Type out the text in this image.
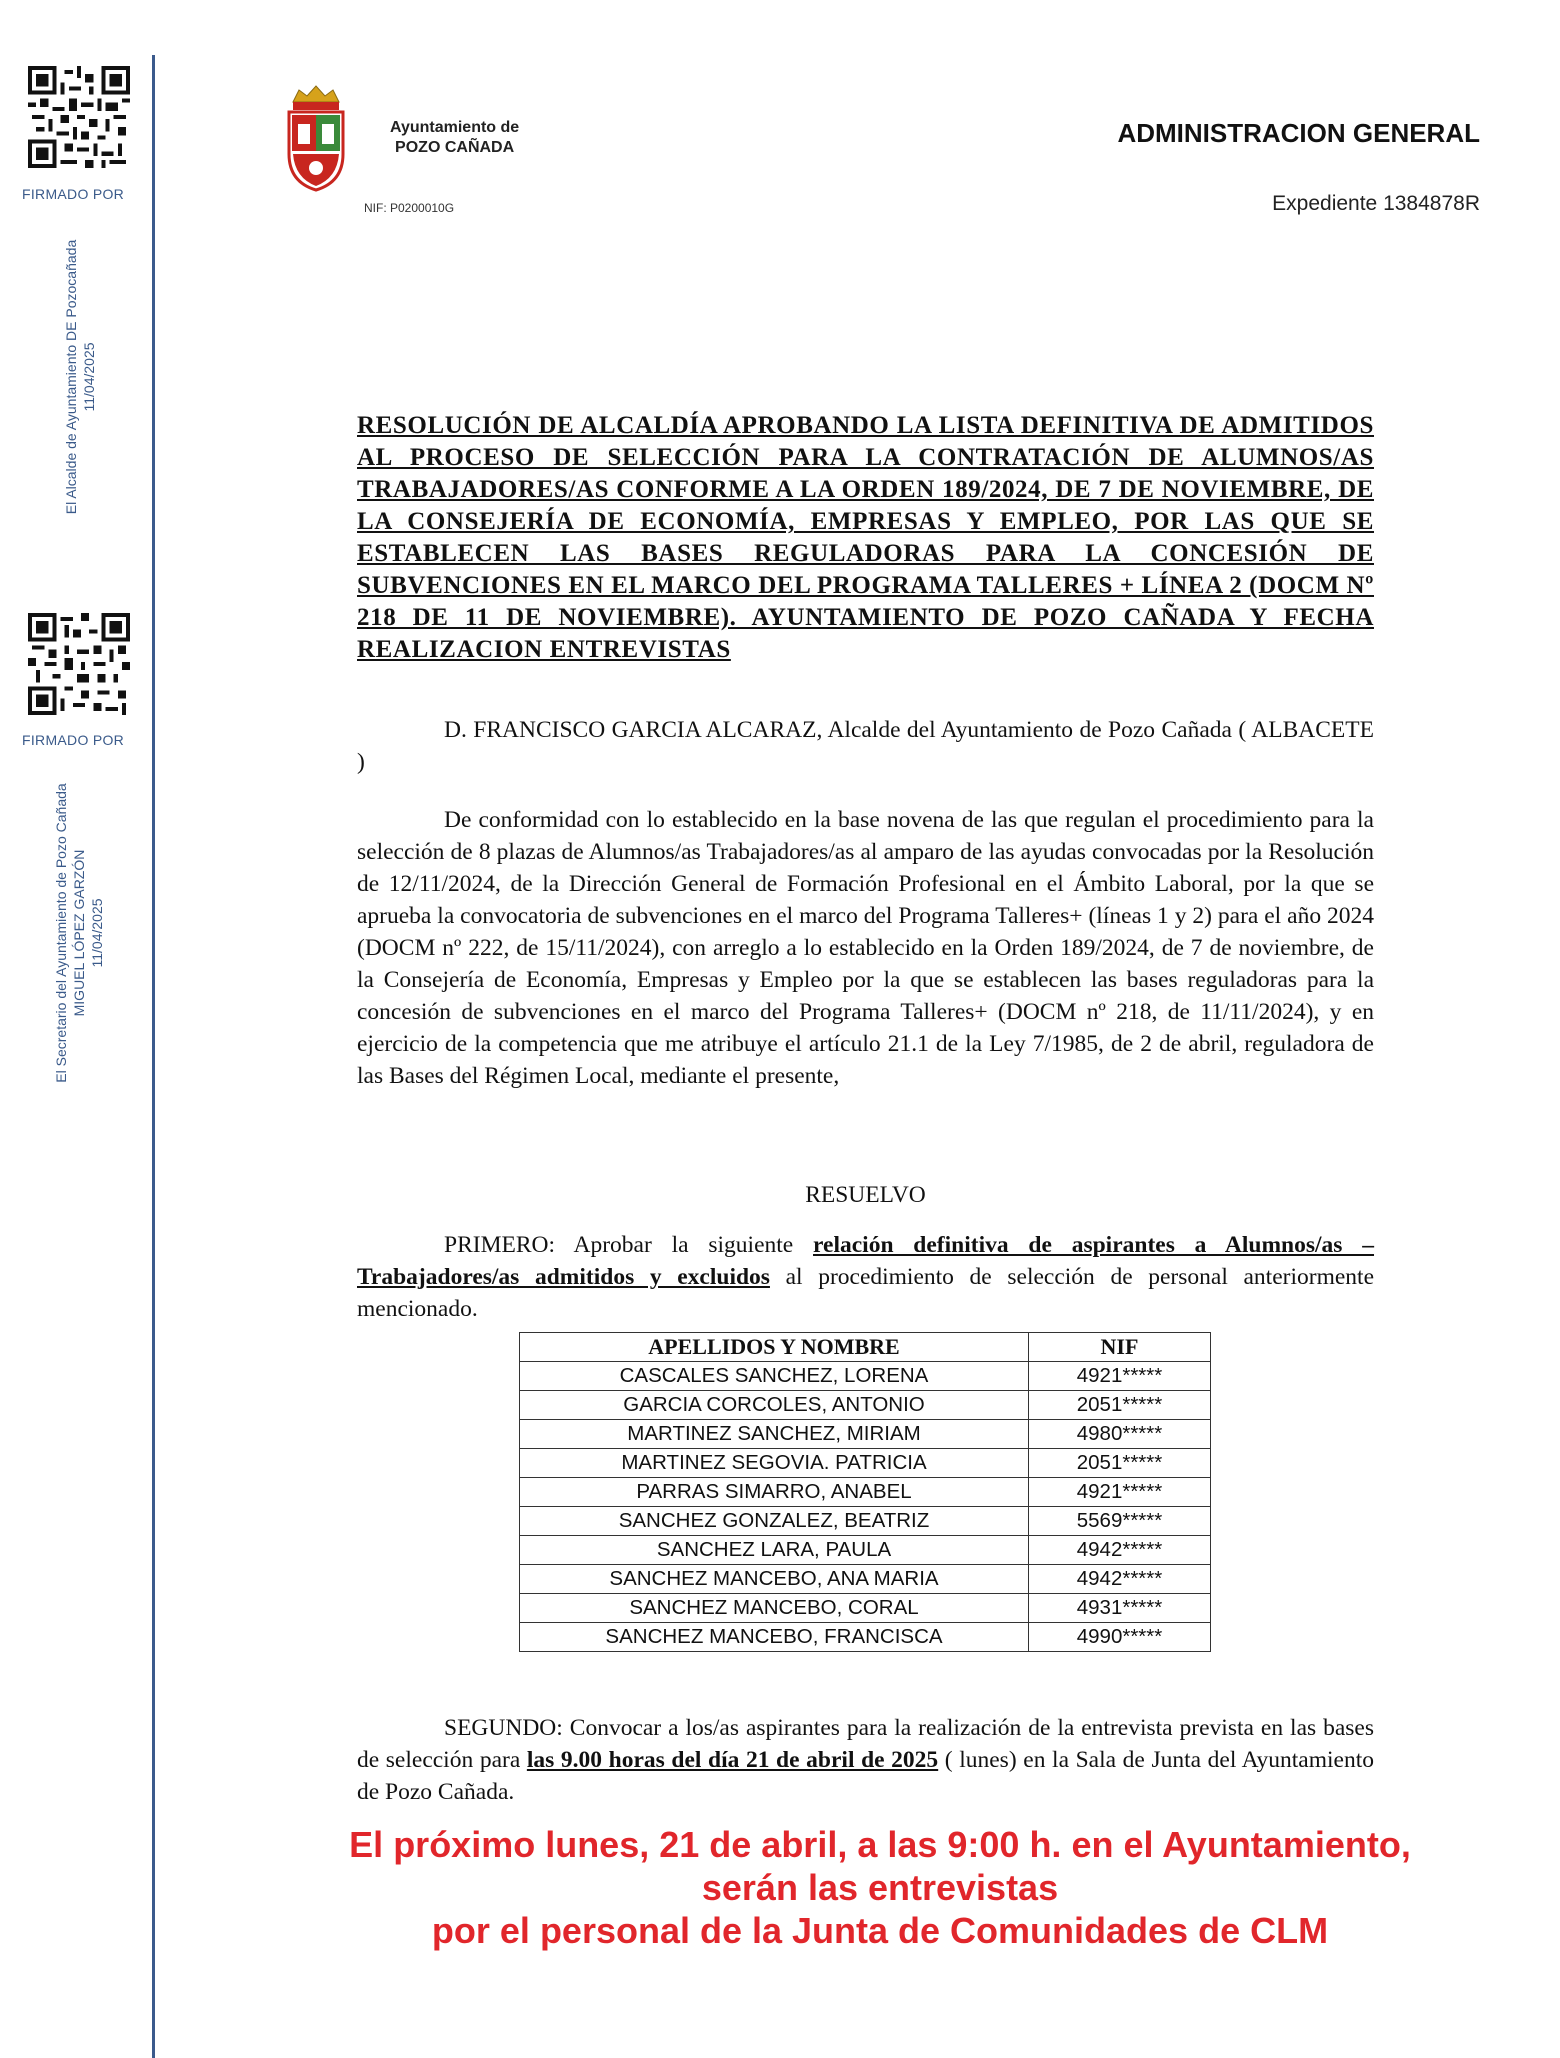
FIRMADO POR
El Alcalde de Ayuntamiento DE Pozocañada 11/04/2025
FIRMADO POR
El Secretario del Ayuntamiento de Pozo Cañada MIGUEL LÓPEZ GARZÓN 11/04/2025
Ayuntamiento de
POZO CAÑADA
NIF: P0200010G
ADMINISTRACION GENERAL
Expediente 1384878R
RESOLUCIÓN DE ALCALDÍA APROBANDO LA LISTA DEFINITIVA DE ADMITIDOS AL PROCESO DE SELECCIÓN PARA LA CONTRATACIÓN DE ALUMNOS/AS TRABAJADORES/AS CONFORME A LA ORDEN 189/2024, DE 7 DE NOVIEMBRE, DE LA CONSEJERÍA DE ECONOMÍA, EMPRESAS Y EMPLEO, POR LAS QUE SE ESTABLECEN LAS BASES REGULADORAS PARA LA CONCESIÓN DE SUBVENCIONES EN EL MARCO DEL PROGRAMA TALLERES + LÍNEA 2 (DOCM Nº 218 DE 11 DE NOVIEMBRE). AYUNTAMIENTO DE POZO CAÑADA Y FECHA REALIZACION ENTREVISTAS
D. FRANCISCO GARCIA ALCARAZ, Alcalde del Ayuntamiento de Pozo Cañada ( ALBACETE )
De conformidad con lo establecido en la base novena de las que regulan el procedimiento para la selección de 8 plazas de Alumnos/as Trabajadores/as al amparo de las ayudas convocadas por la Resolución de 12/11/2024, de la Dirección General de Formación Profesional en el Ámbito Laboral, por la que se aprueba la convocatoria de subvenciones en el marco del Programa Talleres+ (líneas 1 y 2) para el año 2024 (DOCM nº 222, de 15/11/2024), con arreglo a lo establecido en la Orden 189/2024, de 7 de noviembre, de la Consejería de Economía, Empresas y Empleo por la que se establecen las bases reguladoras para la concesión de subvenciones en el marco del Programa Talleres+ (DOCM nº 218, de 11/11/2024), y en ejercicio de la competencia que me atribuye el artículo 21.1 de la Ley 7/1985, de 2 de abril, reguladora de las Bases del Régimen Local, mediante el presente,
RESUELVO
PRIMERO: Aprobar la siguiente relación definitiva de aspirantes a Alumnos/as – Trabajadores/as admitidos y excluidos al procedimiento de selección de personal anteriormente mencionado.
APELLIDOS Y NOMBRE	NIF
CASCALES SANCHEZ, LORENA	4921*****
GARCIA CORCOLES, ANTONIO	2051*****
MARTINEZ SANCHEZ, MIRIAM	4980*****
MARTINEZ SEGOVIA. PATRICIA	2051*****
PARRAS SIMARRO, ANABEL	4921*****
SANCHEZ GONZALEZ, BEATRIZ	5569*****
SANCHEZ LARA, PAULA	4942*****
SANCHEZ MANCEBO, ANA MARIA	4942*****
SANCHEZ MANCEBO, CORAL	4931*****
SANCHEZ MANCEBO, FRANCISCA	4990*****
SEGUNDO: Convocar a los/as aspirantes para la realización de la entrevista prevista en las bases de selección para las 9.00 horas del día 21 de abril de 2025 ( lunes) en la Sala de Junta del Ayuntamiento de Pozo Cañada.
El próximo lunes, 21 de abril, a las 9:00 h. en el Ayuntamiento,
serán las entrevistas
por el personal de la Junta de Comunidades de CLM
